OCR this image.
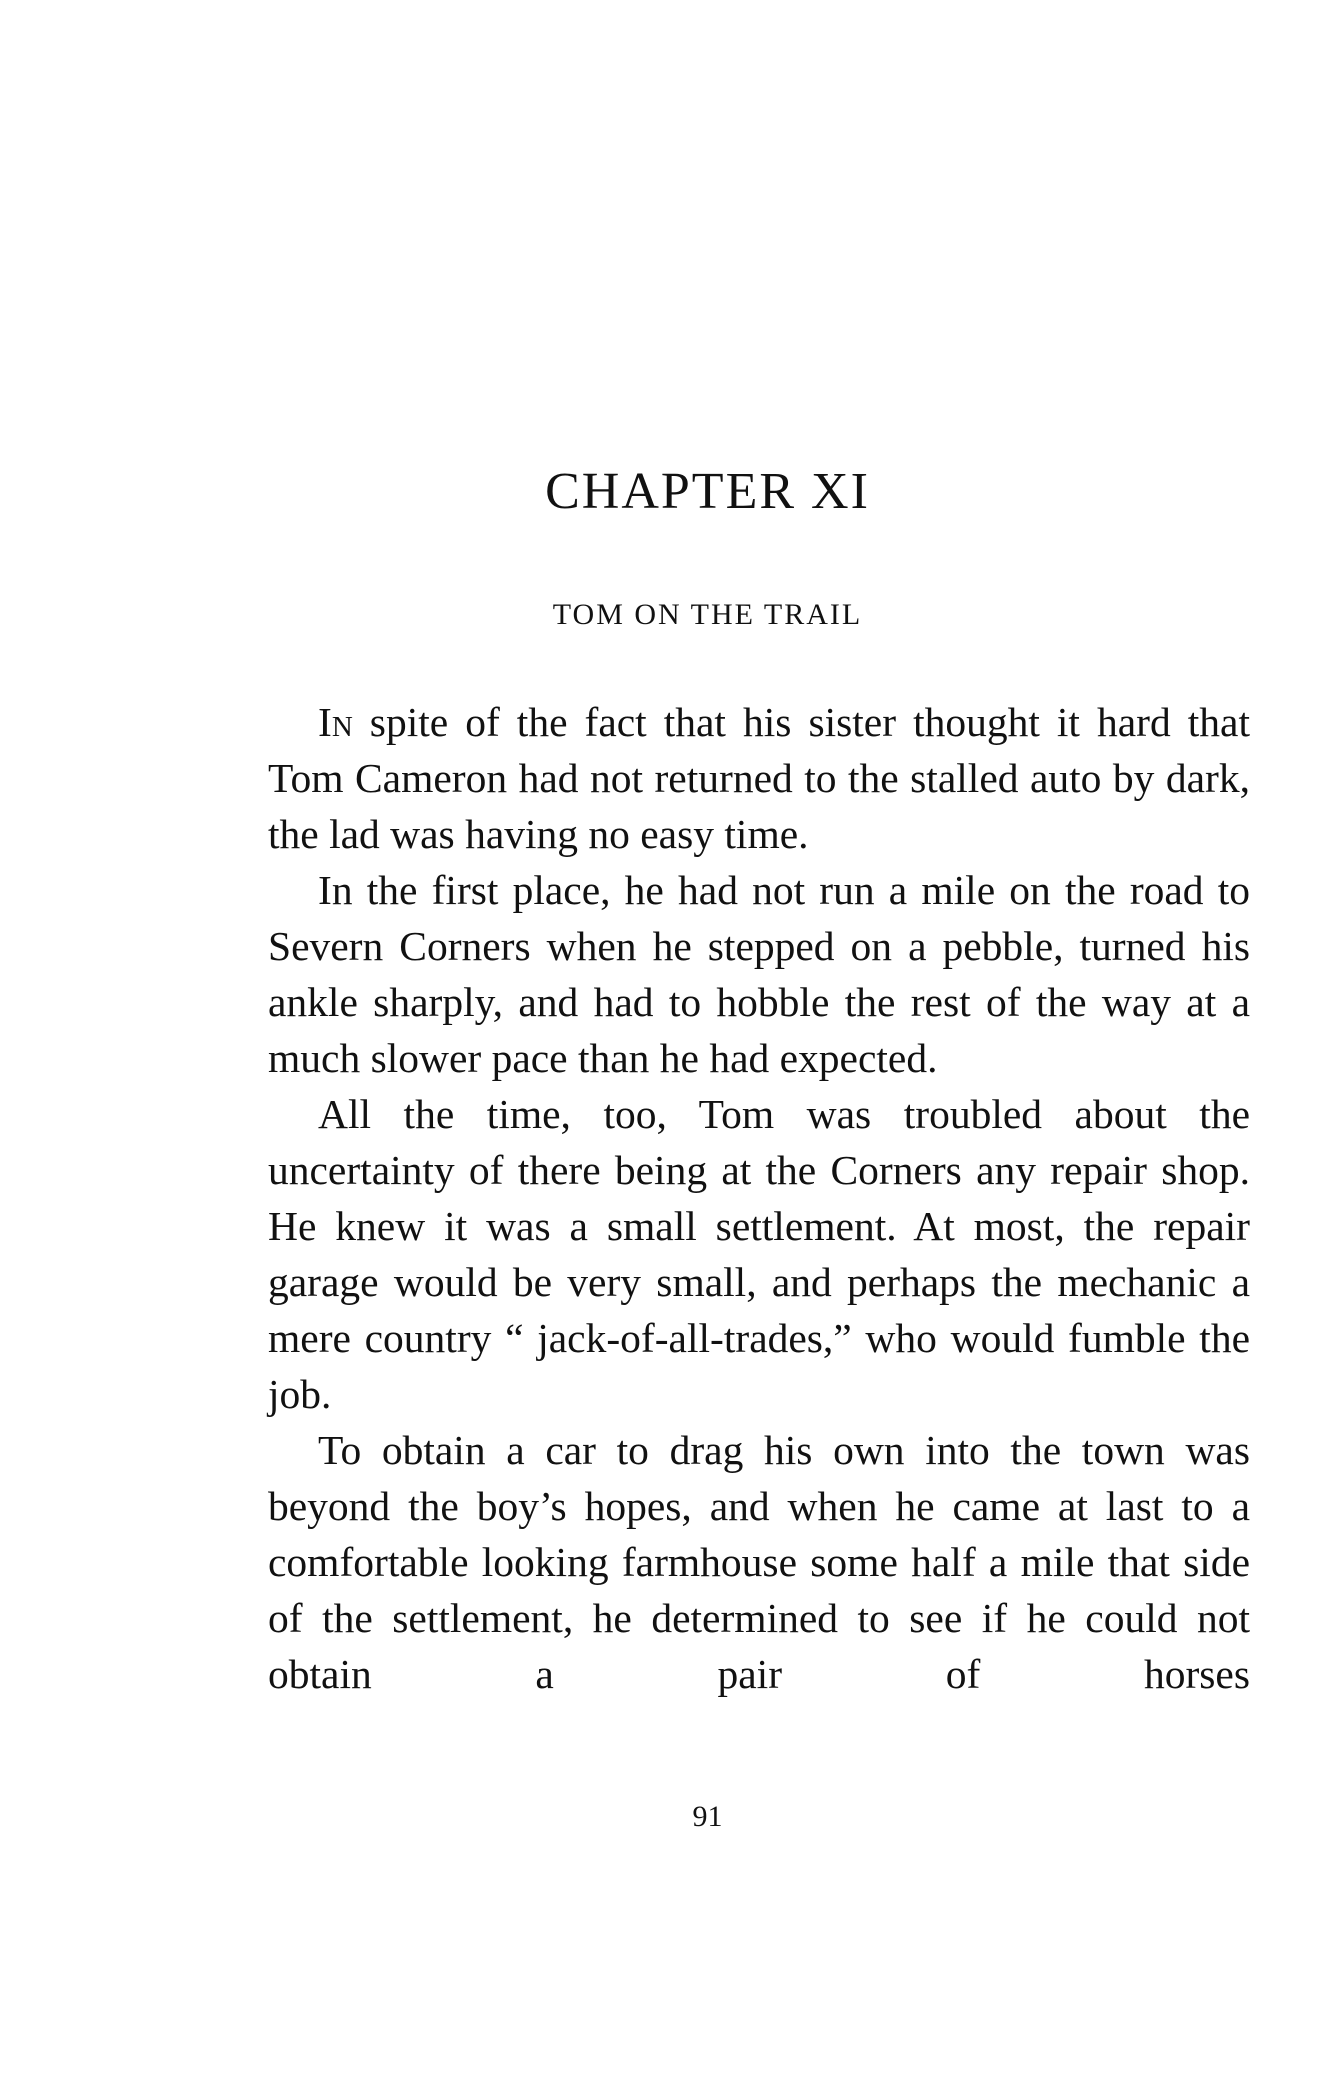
CHAPTER XI
TOM ON THE TRAIL

In spite of the fact that his sister thought it hard that Tom Cameron had not returned to the stalled auto by dark, the lad was having no easy time.

In the first place, he had not run a mile on the road to Severn Corners when he stepped on a pebble, turned his ankle sharply, and had to hobble the rest of the way at a much slower pace than he had expected.

All the time, too, Tom was troubled about the uncertainty of there being at the Corners any repair shop. He knew it was a small settlement. At most, the repair garage would be very small, and perhaps the mechanic a mere country “ jack-of-all-trades,” who would fumble the job.

To obtain a car to drag his own into the town was beyond the boy’s hopes, and when he came at last to a comfortable looking farmhouse some half a mile that side of the settlement, he determined to see if he could not obtain a pair of horses

91
